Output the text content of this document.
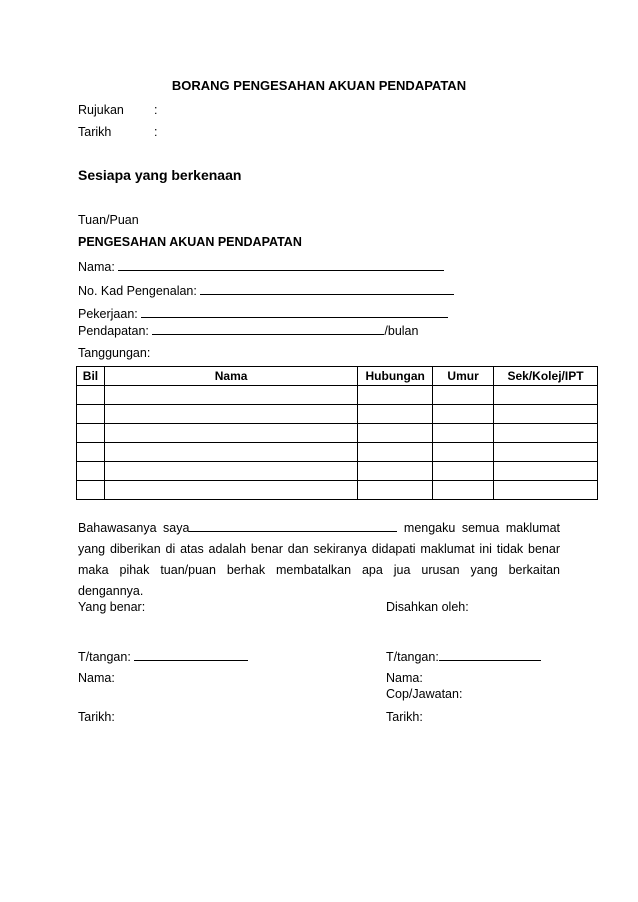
BORANG PENGESAHAN AKUAN PENDAPATAN
Rujukan :
Tarikh	:
Sesiapa yang berkenaan
Tuan/Puan
PENGESAHAN AKUAN PENDAPATAN
Nama:
No. Kad Pengenalan:
Pekerjaan:
Pendapatan:	/bulan
Tanggungan:
Bil	Nama	Hubungan	Umur	Sek/Kolej/IPT

Bahawasanya saya	mengaku semua maklumat yang diberikan di atas adalah benar dan sekiranya didapati maklumat ini tidak benar maka pihak tuan/puan berhak membatalkan apa jua urusan yang berkaitan dengannya.
Yang benar:	Disahkan oleh:
T/tangan:	T/tangan:
Nama:	Nama:
Cop/Jawatan:
Tarikh:	Tarikh:
